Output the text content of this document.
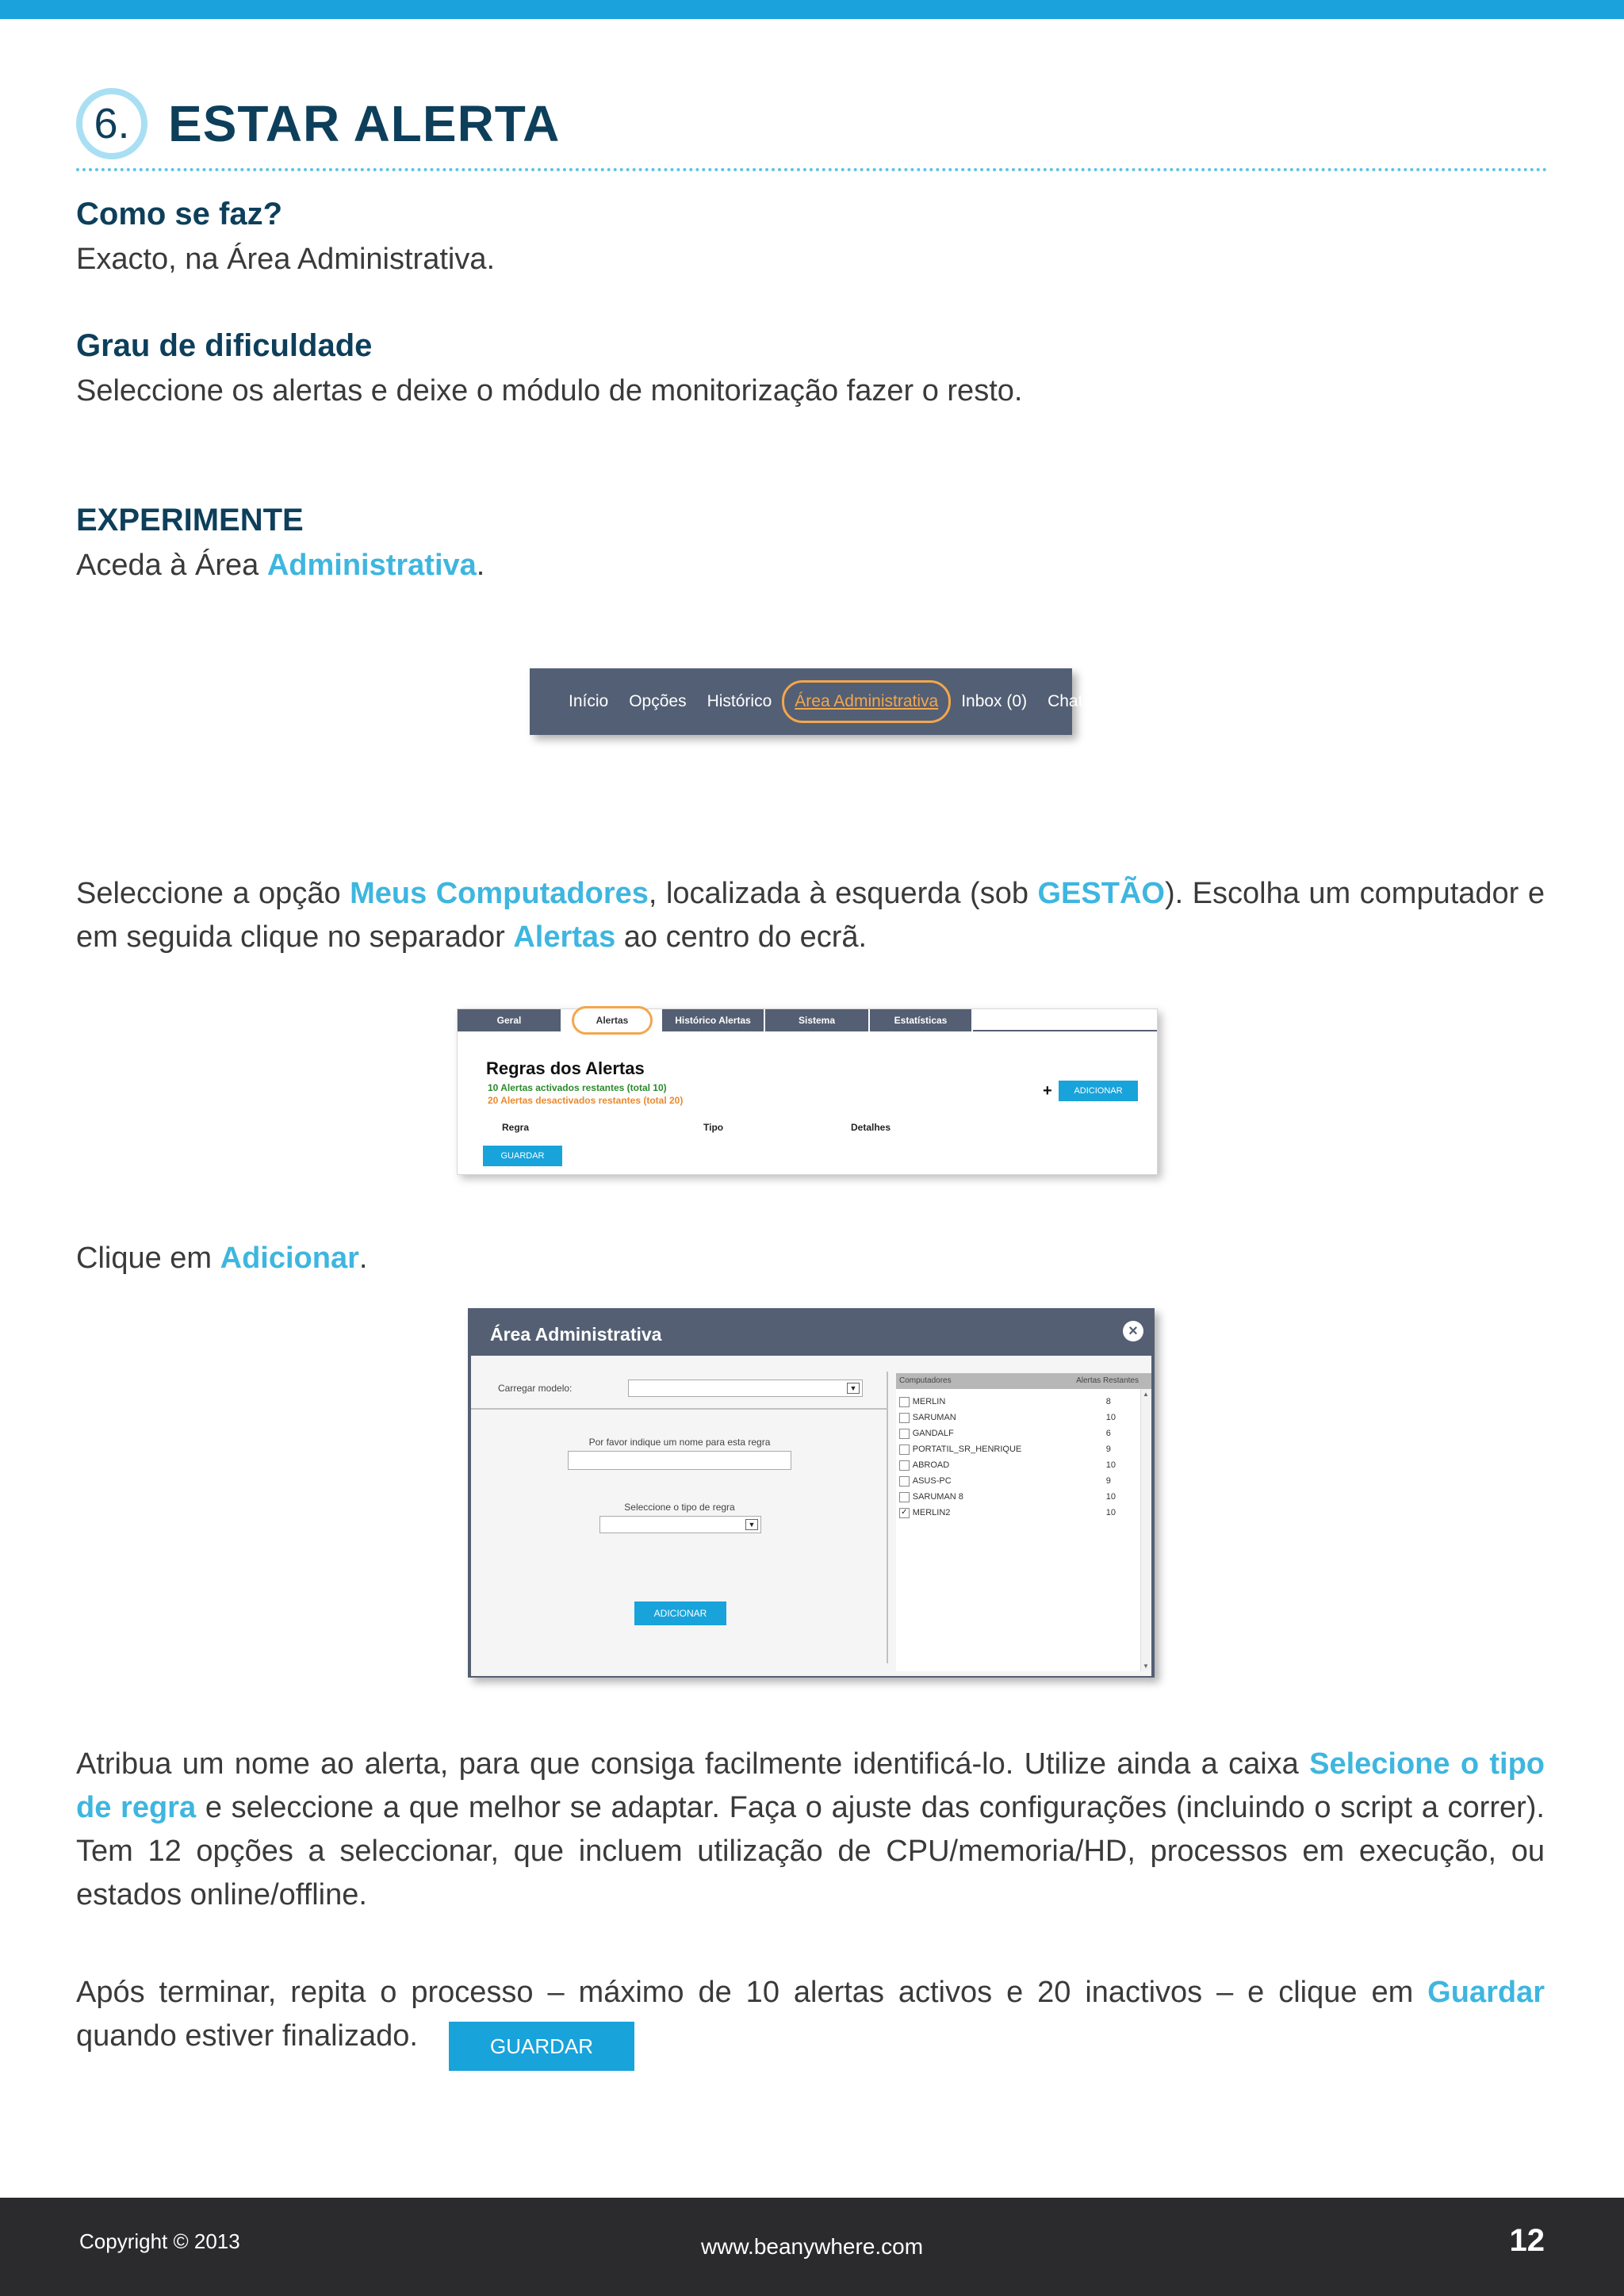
6. ESTAR ALERTA
Como se faz?
Exacto, na Área Administrativa.
Grau de dificuldade
Seleccione os alertas e deixe o módulo de monitorização fazer o resto.
EXPERIMENTE
Aceda à Área Administrativa.
Início	Opções	Histórico	Área Administrativa	Inbox (0)	Chat
Seleccione a opção Meus Computadores, localizada à esquerda (sob GESTÃO). Escolha um computador e em seguida clique no separador Alertas ao centro do ecrã.
Geral	Alertas	Histórico Alertas	Sistema	Estatísticas
Regras dos Alertas
10 Alertas activados restantes (total 10)
20 Alertas desactivados restantes (total 20)
+	ADICIONAR
Regra	Tipo	Detalhes
GUARDAR
Clique em Adicionar.
Área Administrativa	×
Carregar modelo:	▼
Por favor indique um nome para esta regra
Seleccione o tipo de regra
▼
ADICIONAR
Computadores	Alertas Restantes
MERLIN	8
SARUMAN	10
GANDALF	6
PORTATIL_SR_HENRIQUE	9
ABROAD	10
ASUS-PC	9
SARUMAN 8	10
✓ MERLIN2	10
▲
▼
Atribua um nome ao alerta, para que consiga facilmente identificá-lo. Utilize ainda a caixa Selecione o tipo de regra e seleccione a que melhor se adaptar. Faça o ajuste das configurações (incluindo o script a correr). Tem 12 opções a seleccionar, que incluem utilização de CPU/memoria/HD, processos em execução, ou estados online/offline.
Após terminar, repita o processo – máximo de 10 alertas activos e 20 inactivos – e clique em Guardar quando estiver finalizado.	GUARDAR
Copyright © 2013	www.beanywhere.com	12
